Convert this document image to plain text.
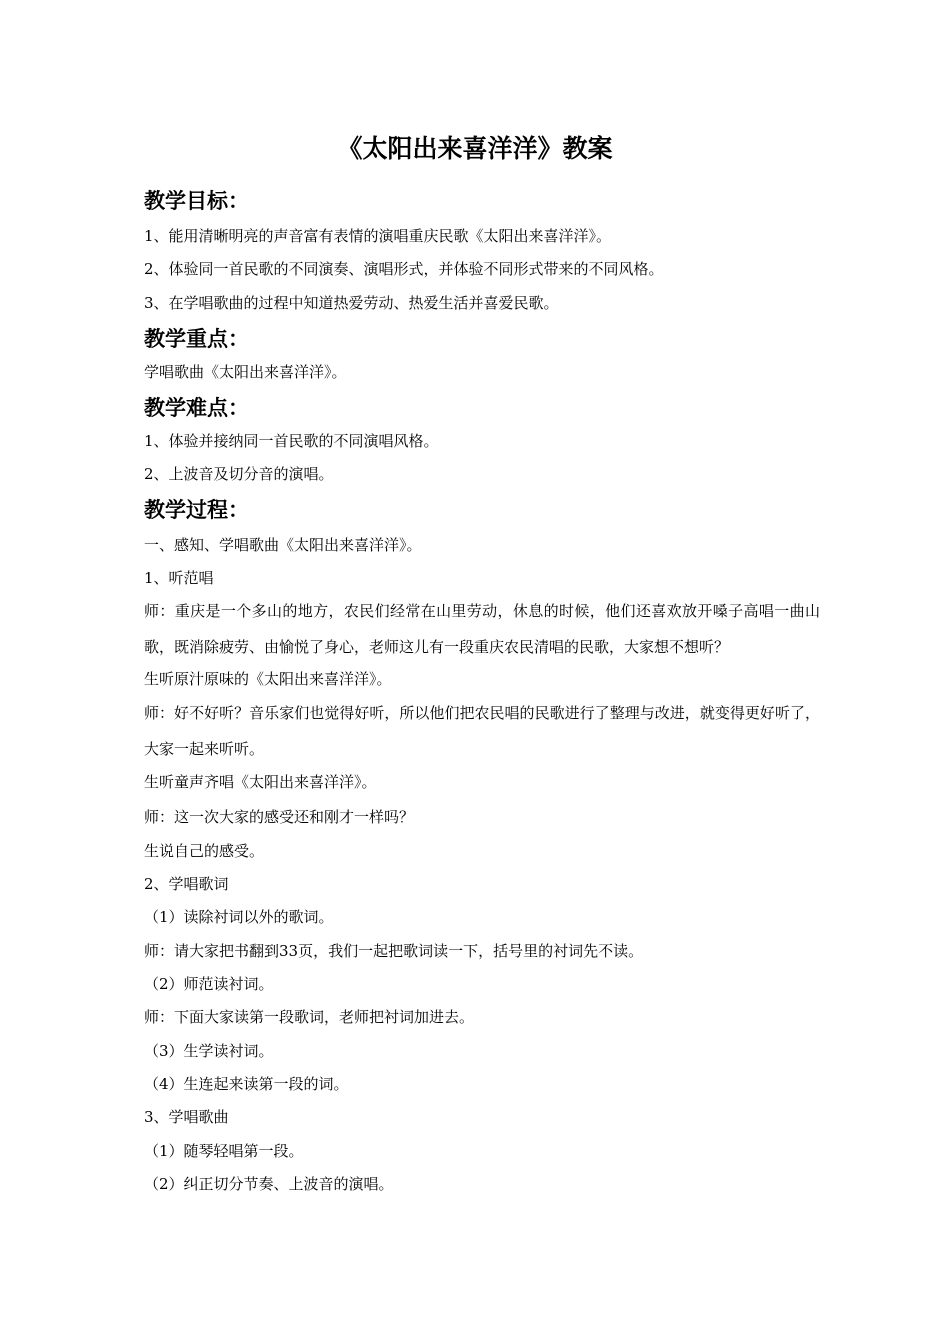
《太阳出来喜洋洋》教案
教学目标：
1、能用清晰明亮的声音富有表情的演唱重庆民歌《太阳出来喜洋洋》。
2、体验同一首民歌的不同演奏、演唱形式，并体验不同形式带来的不同风格。
3、在学唱歌曲的过程中知道热爱劳动、热爱生活并喜爱民歌。
教学重点：
学唱歌曲《太阳出来喜洋洋》。
教学难点：
1、体验并接纳同一首民歌的不同演唱风格。
2、上波音及切分音的演唱。
教学过程：
一、感知、学唱歌曲《太阳出来喜洋洋》。
1、听范唱
师：重庆是一个多山的地方，农民们经常在山里劳动，休息的时候，他们还喜欢放开嗓子高唱一曲山歌，既消除疲劳、由愉悦了身心，老师这儿有一段重庆农民清唱的民歌，大家想不想听？
生听原汁原味的《太阳出来喜洋洋》。
师：好不好听？音乐家们也觉得好听，所以他们把农民唱的民歌进行了整理与改进，就变得更好听了，大家一起来听听。
生听童声齐唱《太阳出来喜洋洋》。
师：这一次大家的感受还和刚才一样吗？
生说自己的感受。
2、学唱歌词
（1）读除衬词以外的歌词。
师：请大家把书翻到33页，我们一起把歌词读一下，括号里的衬词先不读。
（2）师范读衬词。
师：下面大家读第一段歌词，老师把衬词加进去。
（3）生学读衬词。
（4）生连起来读第一段的词。
3、学唱歌曲
（1）随琴轻唱第一段。
（2）纠正切分节奏、上波音的演唱。
